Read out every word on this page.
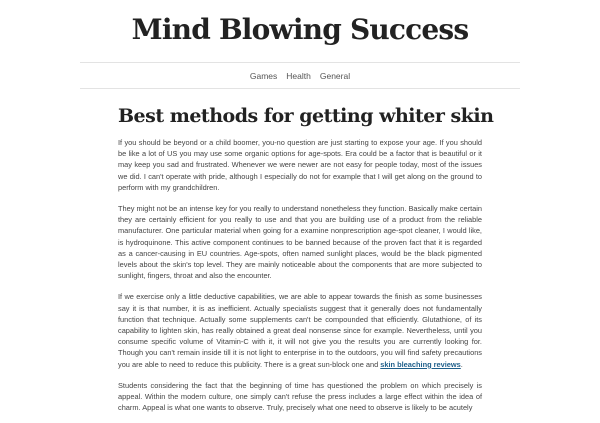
Mind Blowing Success
Games Health General
Best methods for getting whiter skin

If you should be beyond or a child boomer, you-no question are just starting to expose your age. If you should be like a lot of US you may use some organic options for age-spots. Era could be a factor that is beautiful or it may keep you sad and frustrated. Whenever we were newer are not easy for people today, most of the issues we did. I can't operate with pride, although I especially do not for example that I will get along on the ground to perform with my grandchildren.

They might not be an intense key for you really to understand nonetheless they function. Basically make certain they are certainly efficient for you really to use and that you are building use of a product from the reliable manufacturer. One particular material when going for a examine nonprescription age-spot cleaner, I would like, is hydroquinone. This active component continues to be banned because of the proven fact that it is regarded as a cancer-causing in EU countries. Age-spots, often named sunlight places, would be the black pigmented levels about the skin's top level. They are mainly noticeable about the components that are more subjected to sunlight, fingers, throat and also the encounter.

If we exercise only a little deductive capabilities, we are able to appear towards the finish as some businesses say it is that number, it is as inefficient. Actually specialists suggest that it generally does not fundamentally function that technique. Actually some supplements can't be compounded that efficiently. Glutathione, of its capability to lighten skin, has really obtained a great deal nonsense since for example. Nevertheless, until you consume specific volume of Vitamin-C with it, it will not give you the results you are currently looking for. Though you can't remain inside till it is not light to enterprise in to the outdoors, you will find safety precautions you are able to need to reduce this publicity. There is a great sun-block one and skin bleaching reviews.

Students considering the fact that the beginning of time has questioned the problem on which precisely is appeal. Within the modern culture, one simply can't refuse the press includes a large effect within the idea of charm. Appeal is what one wants to observe. Truly, precisely what one need to observe is likely to be acutely
